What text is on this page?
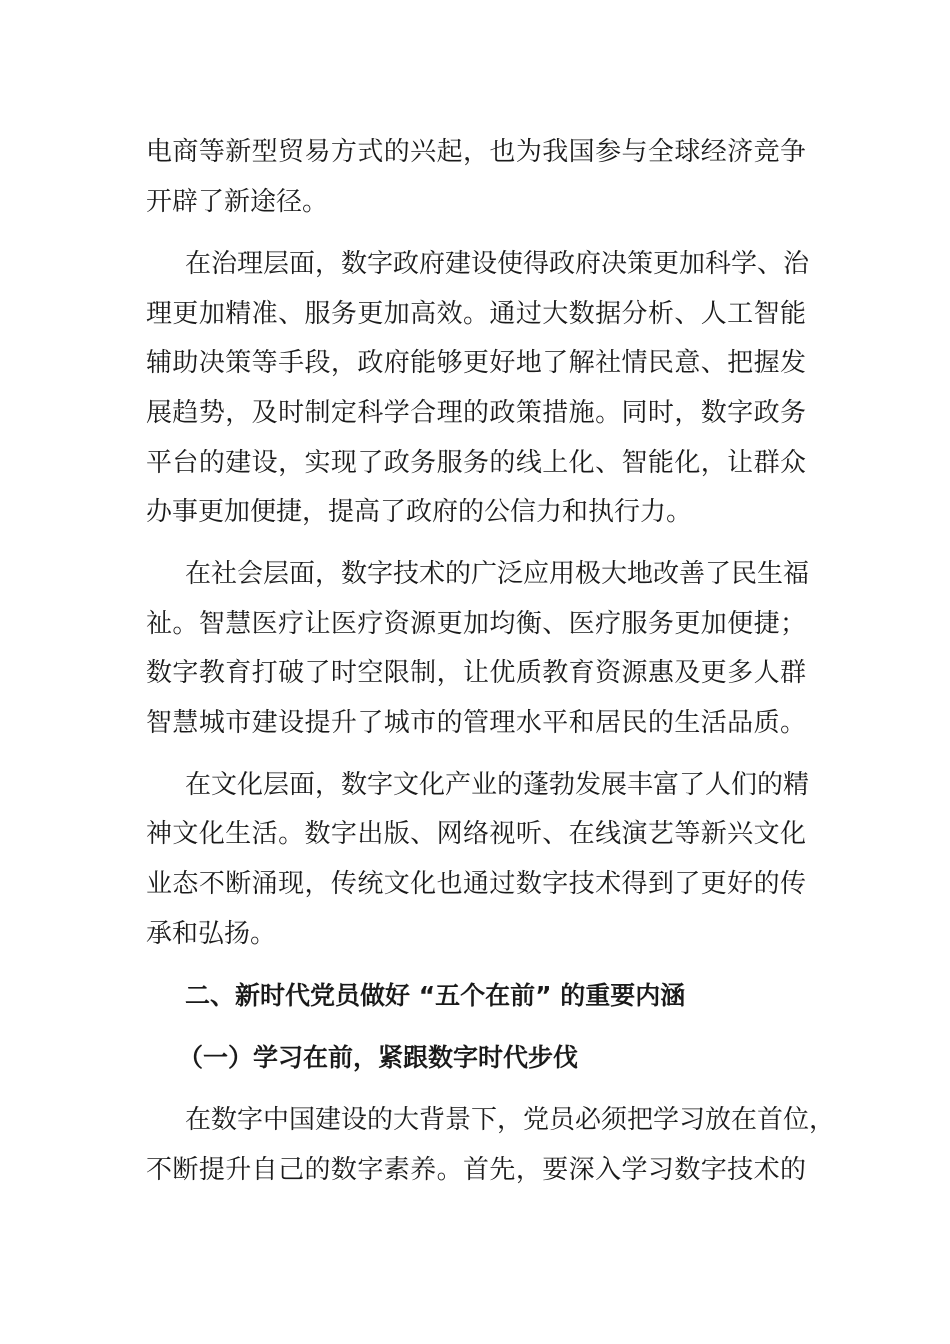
电商等新型贸易方式的兴起，也为我国参与全球经济竞争
开辟了新途径。
在治理层面，数字政府建设使得政府决策更加科学、治
理更加精准、服务更加高效。通过大数据分析、人工智能
辅助决策等手段，政府能够更好地了解社情民意、把握发
展趋势，及时制定科学合理的政策措施。同时，数字政务
平台的建设，实现了政务服务的线上化、智能化，让群众
办事更加便捷，提高了政府的公信力和执行力。
在社会层面，数字技术的广泛应用极大地改善了民生福
祉。智慧医疗让医疗资源更加均衡、医疗服务更加便捷；
数字教育打破了时空限制，让优质教育资源惠及更多人群
智慧城市建设提升了城市的管理水平和居民的生活品质。
在文化层面，数字文化产业的蓬勃发展丰富了人们的精
神文化生活。数字出版、网络视听、在线演艺等新兴文化
业态不断涌现，传统文化也通过数字技术得到了更好的传
承和弘扬。
二、新时代党员做好 “五个在前” 的重要内涵
（一）学习在前，紧跟数字时代步伐
在数字中国建设的大背景下，党员必须把学习放在首位，
不断提升自己的数字素养。首先，要深入学习数字技术的
